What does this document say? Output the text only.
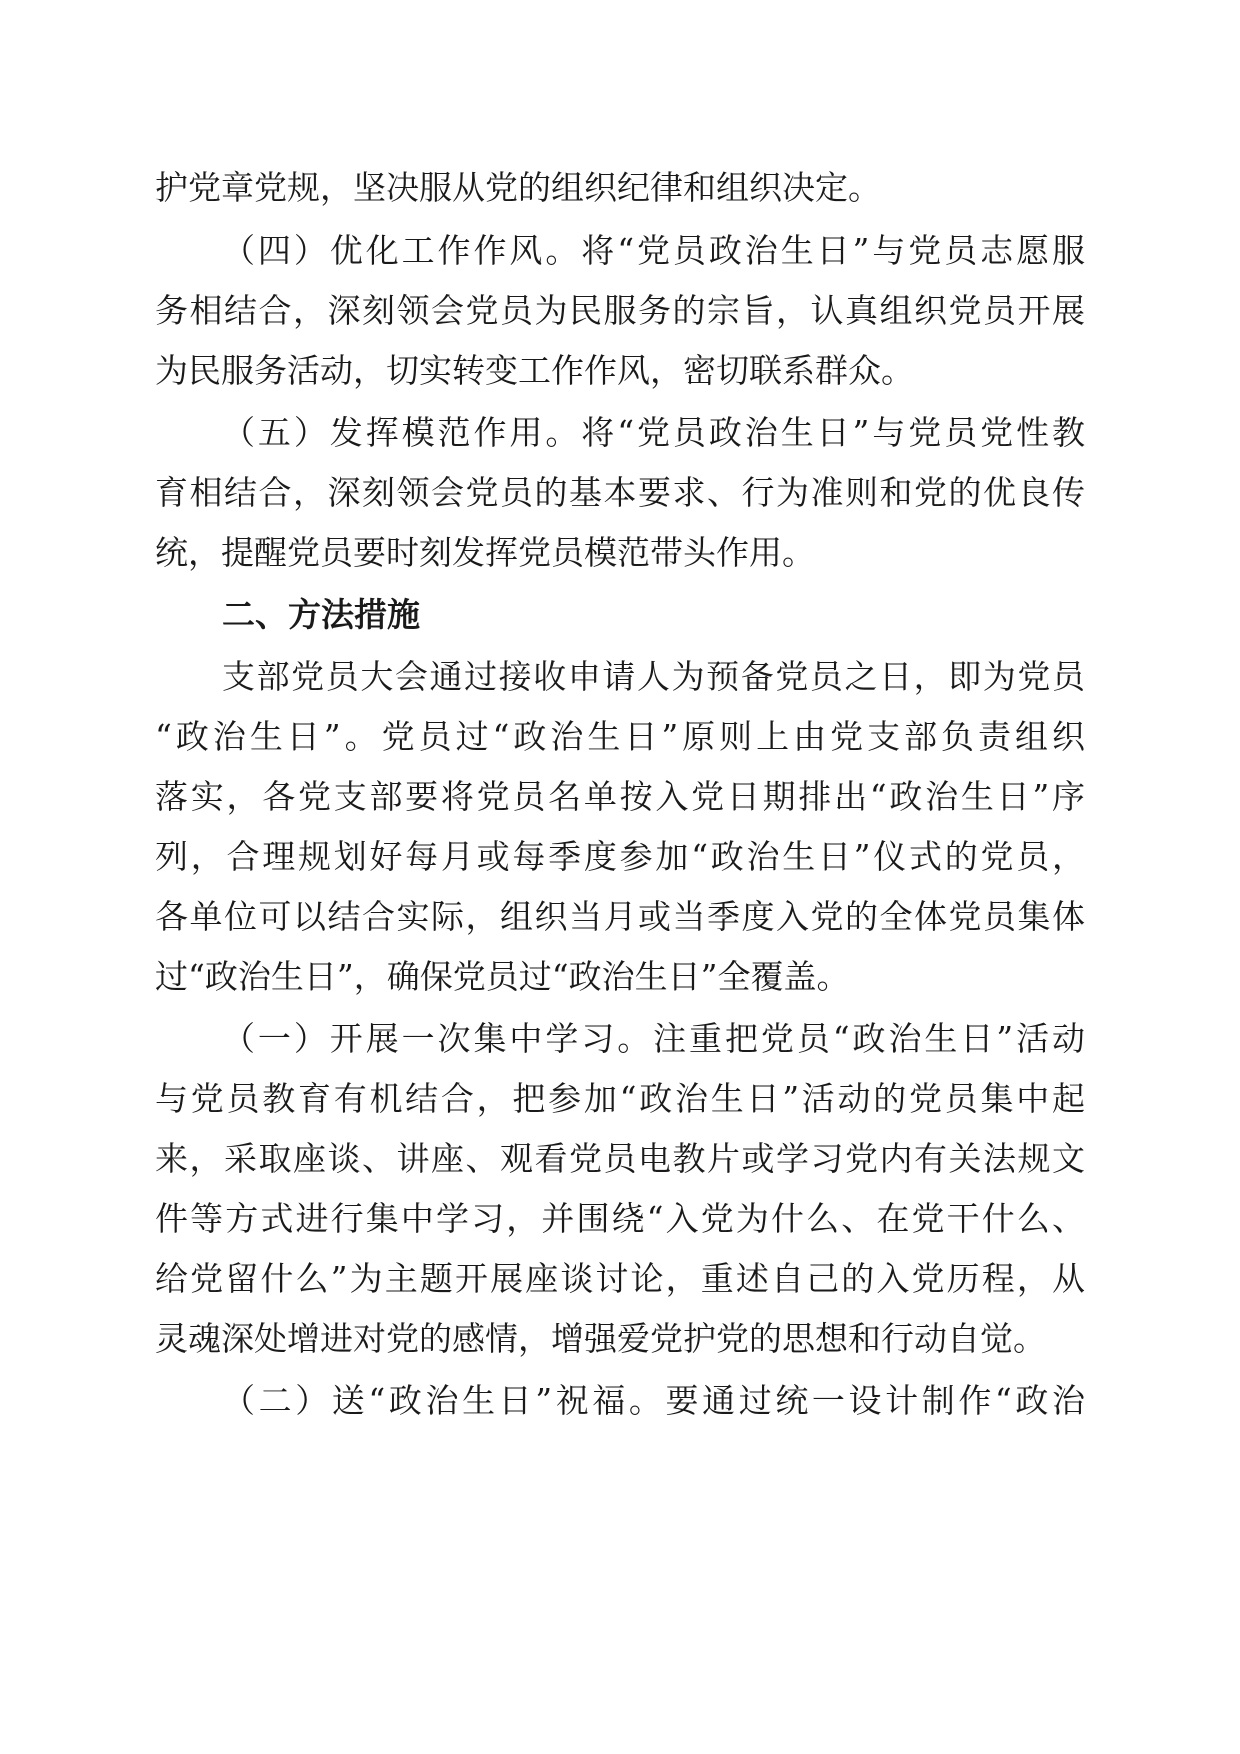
护党章党规，坚决服从党的组织纪律和组织决定。
（四）优化工作作风。将“党员政治生日”与党员志愿服
务相结合，深刻领会党员为民服务的宗旨，认真组织党员开展
为民服务活动，切实转变工作作风，密切联系群众。
（五）发挥模范作用。将“党员政治生日”与党员党性教
育相结合，深刻领会党员的基本要求、行为准则和党的优良传
统，提醒党员要时刻发挥党员模范带头作用。
二、方法措施
支部党员大会通过接收申请人为预备党员之日，即为党员
“政治生日”。党员过“政治生日”原则上由党支部负责组织
落实，各党支部要将党员名单按入党日期排出“政治生日”序
列，合理规划好每月或每季度参加“政治生日”仪式的党员，
各单位可以结合实际，组织当月或当季度入党的全体党员集体
过“政治生日”，确保党员过“政治生日”全覆盖。
（一）开展一次集中学习。注重把党员“政治生日”活动
与党员教育有机结合，把参加“政治生日”活动的党员集中起
来，采取座谈、讲座、观看党员电教片或学习党内有关法规文
件等方式进行集中学习，并围绕“入党为什么、在党干什么、
给党留什么”为主题开展座谈讨论，重述自己的入党历程，从
灵魂深处增进对党的感情，增强爱党护党的思想和行动自觉。
（二）送“政治生日”祝福。要通过统一设计制作“政治
